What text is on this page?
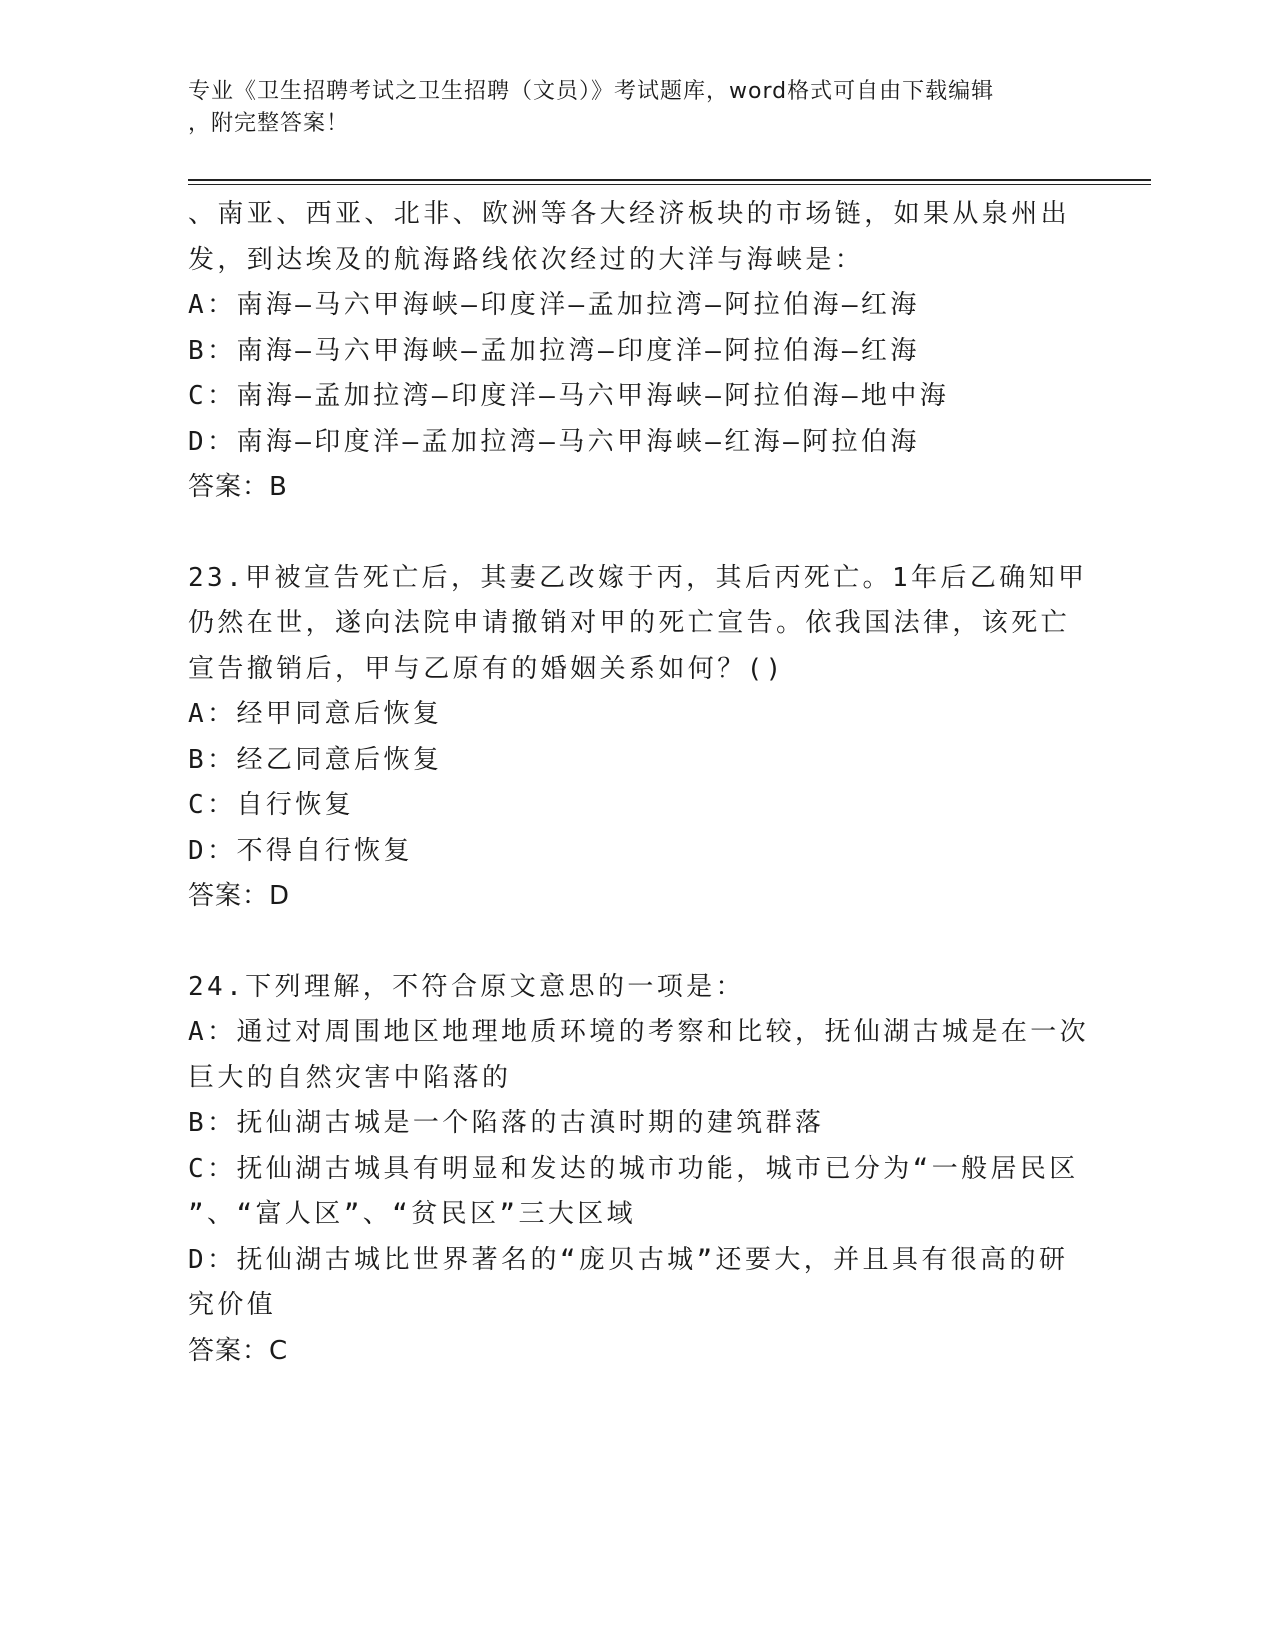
专业《卫生招聘考试之卫生招聘（文员）》考试题库，word格式可自由下载编辑
，附完整答案！
、南亚、西亚、北非、欧洲等各大经济板块的市场链，如果从泉州出
发，到达埃及的航海路线依次经过的大洋与海峡是：
A：南海—马六甲海峡—印度洋—孟加拉湾—阿拉伯海—红海
B：南海—马六甲海峡—孟加拉湾—印度洋—阿拉伯海—红海
C：南海—孟加拉湾—印度洋—马六甲海峡—阿拉伯海—地中海
D：南海—印度洋—孟加拉湾—马六甲海峡—红海—阿拉伯海
答案：B
23.甲被宣告死亡后，其妻乙改嫁于丙，其后丙死亡。1年后乙确知甲
仍然在世，遂向法院申请撤销对甲的死亡宣告。依我国法律，该死亡
宣告撤销后，甲与乙原有的婚姻关系如何？()
A：经甲同意后恢复
B：经乙同意后恢复
C：自行恢复
D：不得自行恢复
答案：D
24.下列理解，不符合原文意思的一项是：
A：通过对周围地区地理地质环境的考察和比较，抚仙湖古城是在一次
巨大的自然灾害中陷落的
B：抚仙湖古城是一个陷落的古滇时期的建筑群落
C：抚仙湖古城具有明显和发达的城市功能，城市已分为“一般居民区
”、“富人区”、“贫民区”三大区域
D：抚仙湖古城比世界著名的“庞贝古城”还要大，并且具有很高的研
究价值
答案：C
